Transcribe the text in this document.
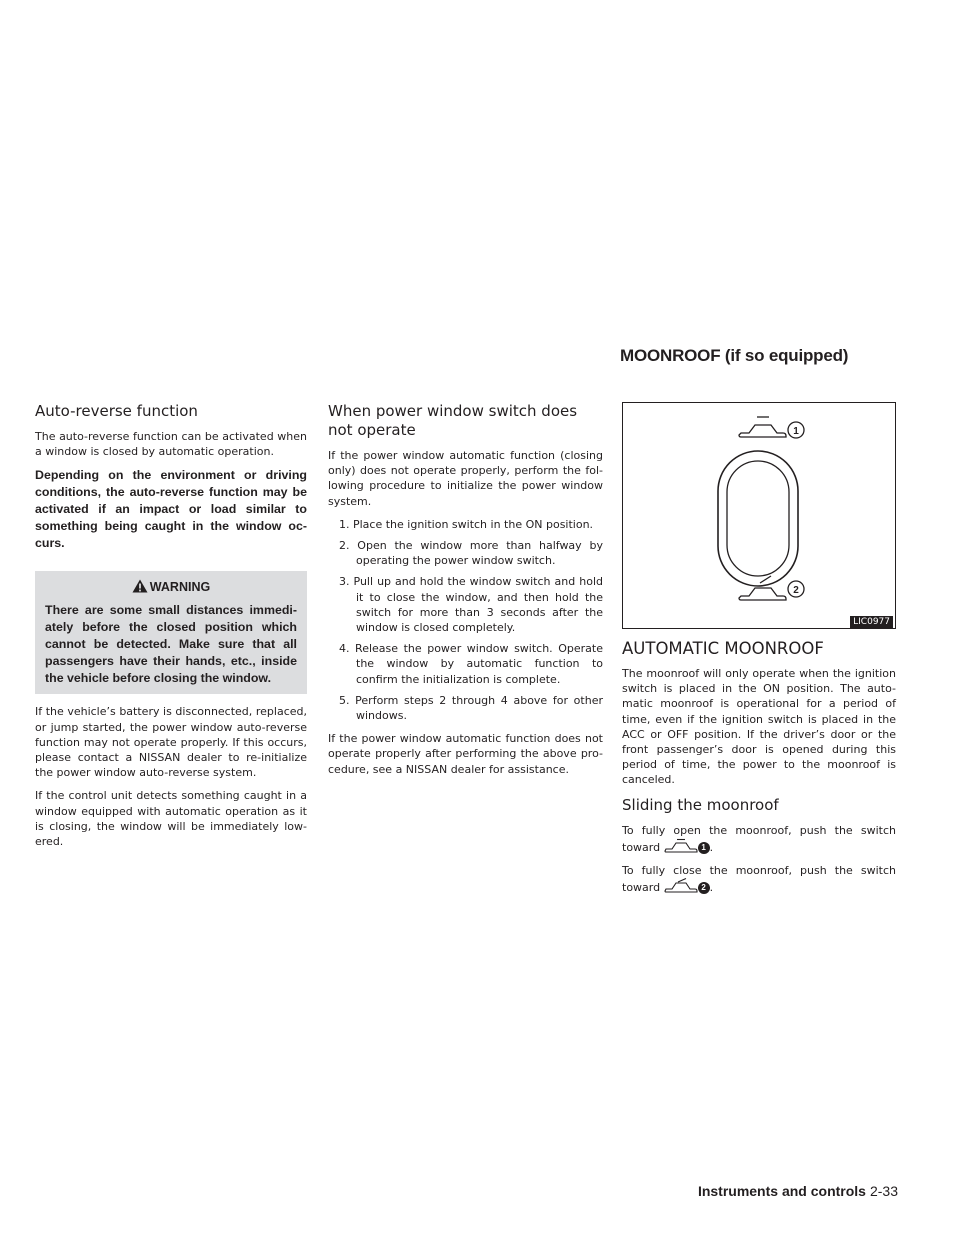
MOONROOF (if so equipped)
Auto-reverse function

The auto-reverse function can be activated when a window is closed by automatic operation.

Depending on the environment or driving conditions, the auto-reverse function may be activated if an impact or load similar to something being caught in the window oc- curs.

WARNING

There are some small distances immedi- ately before the closed position which cannot be detected. Make sure that all passengers have their hands, etc., inside the vehicle before closing the window.

If the vehicle’s battery is disconnected, replaced, or jump started, the power window auto-reverse function may not operate properly. If this occurs, please contact a NISSAN dealer to re-initialize the power window auto-reverse system.

If the control unit detects something caught in a window equipped with automatic operation as it is closing, the window will be immediately low- ered.

When power window switch does not operate

If the power window automatic function (closing only) does not operate properly, perform the fol- lowing procedure to initialize the power window system.

1. Place the ignition switch in the ON position.
2. Open the window more than halfway by operating the power window switch.
3. Pull up and hold the window switch and hold it to close the window, and then hold the switch for more than 3 seconds after the window is closed completely.
4. Release the power window switch. Operate the window by automatic function to confirm the initialization is complete.
5. Perform steps 2 through 4 above for other windows.

If the power window automatic function does not operate properly after performing the above pro- cedure, see a NISSAN dealer for assistance.

1
2
LIC0977
AUTOMATIC MOONROOF

The moonroof will only operate when the ignition switch is placed in the ON position. The auto- matic moonroof is operational for a period of time, even if the ignition switch is placed in the ACC or OFF position. If the driver’s door or the front passenger’s door is opened during this period of time, the power to the moonroof is canceled.

Sliding the moonroof

To fully open the moonroof, push the switch toward	1 .

To fully close the moonroof, push the switch toward	2 .

Instruments and controls 2-33
